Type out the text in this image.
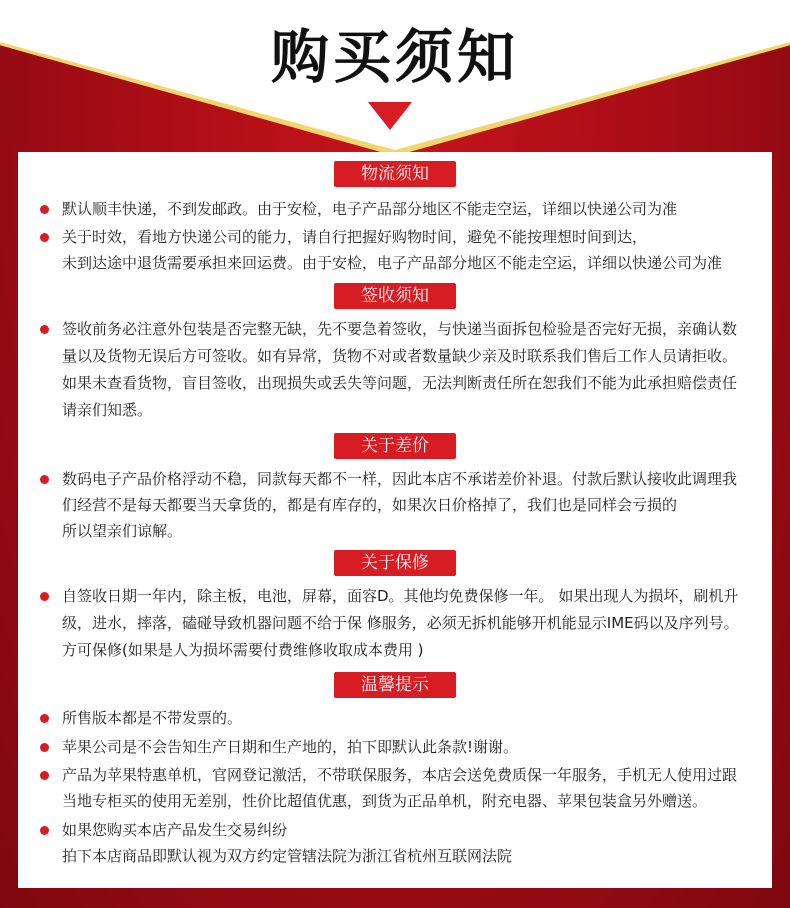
购买须知
物流须知
默认顺丰快递，不到发邮政。由于安检，电子产品部分地区不能走空运，详细以快递公司为准
关于时效，看地方快递公司的能力，请自行把握好购物时间，避免不能按理想时间到达，
未到达途中退货需要承担来回运费。由于安检，电子产品部分地区不能走空运，详细以快递公司为准
签收须知
签收前务必注意外包装是否完整无缺，先不要急着签收，与快递当面拆包检验是否完好无损，亲确认数量以及货物无误后方可签收。如有异常，货物不对或者数量缺少亲及时联系我们售后工作人员请拒收。如果未查看货物，盲目签收，出现损失或丢失等问题，无法判断责任所在恕我们不能为此承担赔偿责任请亲们知悉。
关于差价
数码电子产品价格浮动不稳，同款每天都不一样，因此本店不承诺差价补退。付款后默认接收此调理我们经营不是每天都要当天拿货的，都是有库存的，如果次日价格掉了，我们也是同样会亏损的
所以望亲们谅解。
关于保修
自签收日期一年内，除主板，电池，屏幕，面容D。其他均免费保修一年。 如果出现人为损坏，刷机升级，进水，摔落，磕碰导致机器问题不给于保 修服务，必须无拆机能够开机能显示IME码以及序列号。方可保修(如果是人为损坏需要付费维修收取成本费用 )
温馨提示
所售版本都是不带发票的。
苹果公司是不会告知生产日期和生产地的，拍下即默认此条款!谢谢。
产品为苹果特惠单机，官网登记激活，不带联保服务，本店会送免费质保一年服务，手机无人使用过跟当地专柜买的使用无差别，性价比超值优惠，到货为正品单机，附充电器、苹果包装盒另外赠送。
如果您购买本店产品发生交易纠纷
拍下本店商品即默认视为双方约定管辖法院为浙江省杭州互联网法院
